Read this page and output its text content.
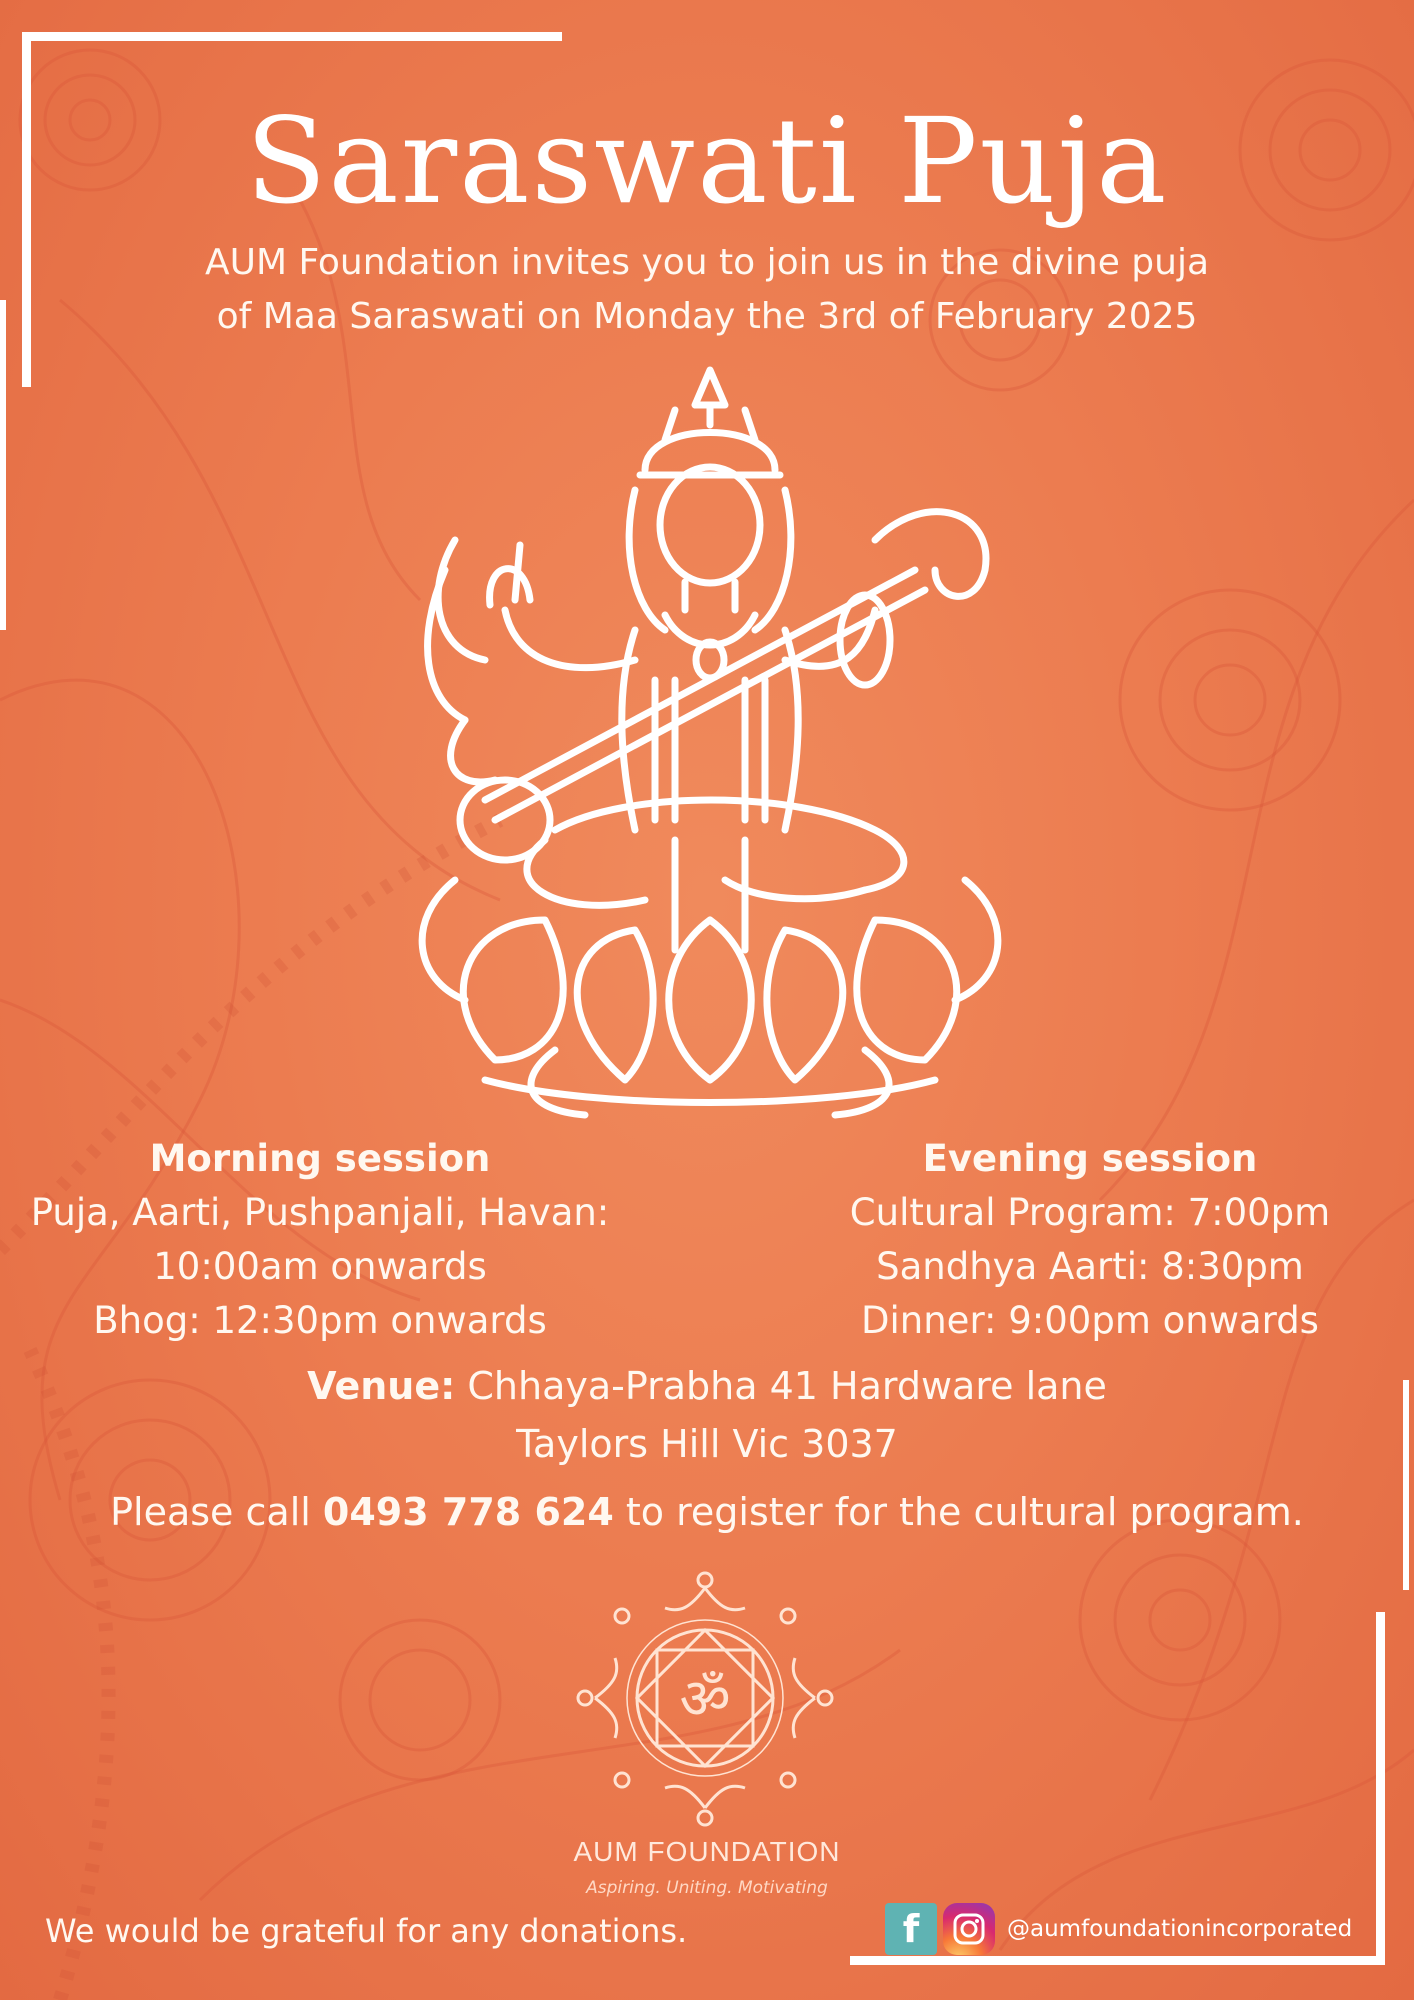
Saraswati Puja
AUM Foundation invites you to join us in the divine puja
of Maa Saraswati on Monday the 3rd of February 2025
Morning session
Puja, Aarti, Pushpanjali, Havan:
10:00am onwards
Bhog: 12:30pm onwards
Evening session
Cultural Program: 7:00pm
Sandhya Aarti: 8:30pm
Dinner: 9:00pm onwards
Venue: Chhaya-Prabha 41 Hardware lane
Taylors Hill Vic 3037
Please call 0493 778 624 to register for the cultural program.
ॐ
AUM FOUNDATION
Aspiring. Uniting. Motivating
We would be grateful for any donations.	f	@aumfoundationincorporated
